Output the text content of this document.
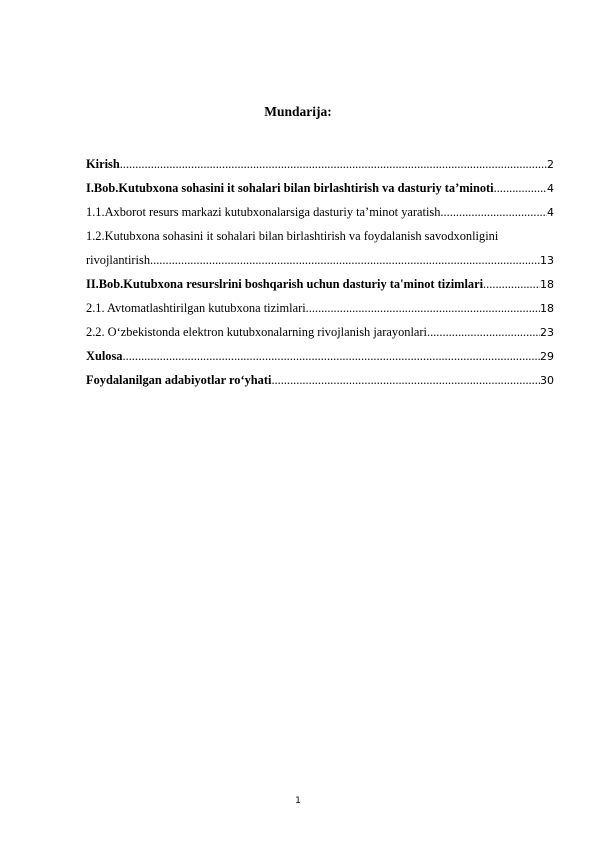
Mundarija:
Kirish .....	2
I.Bob.Kutubxona sohasini it sohalari bilan birlashtirish va dasturiy ta’minoti .....	4
1.1.Axborot resurs markazi kutubxonalarsiga dasturiy ta’minot yaratish .....	4
1.2.Kutubxona sohasini it sohalari bilan birlashtirish va foydalanish savodxonligini
rivojlantirish .....	13
II.Bob.Kutubxona resurslrini boshqarish uchun dasturiy ta'minot tizimlari .....	18
2.1. Avtomatlashtirilgan kutubxona tizimlari .....	18
2.2. O‘zbekistonda elektron kutubxonalarning rivojlanish jarayonlari .....	23
Xulosa .....	29
Foydalanilgan adabiyotlar ro‘yhati .....	30
1
